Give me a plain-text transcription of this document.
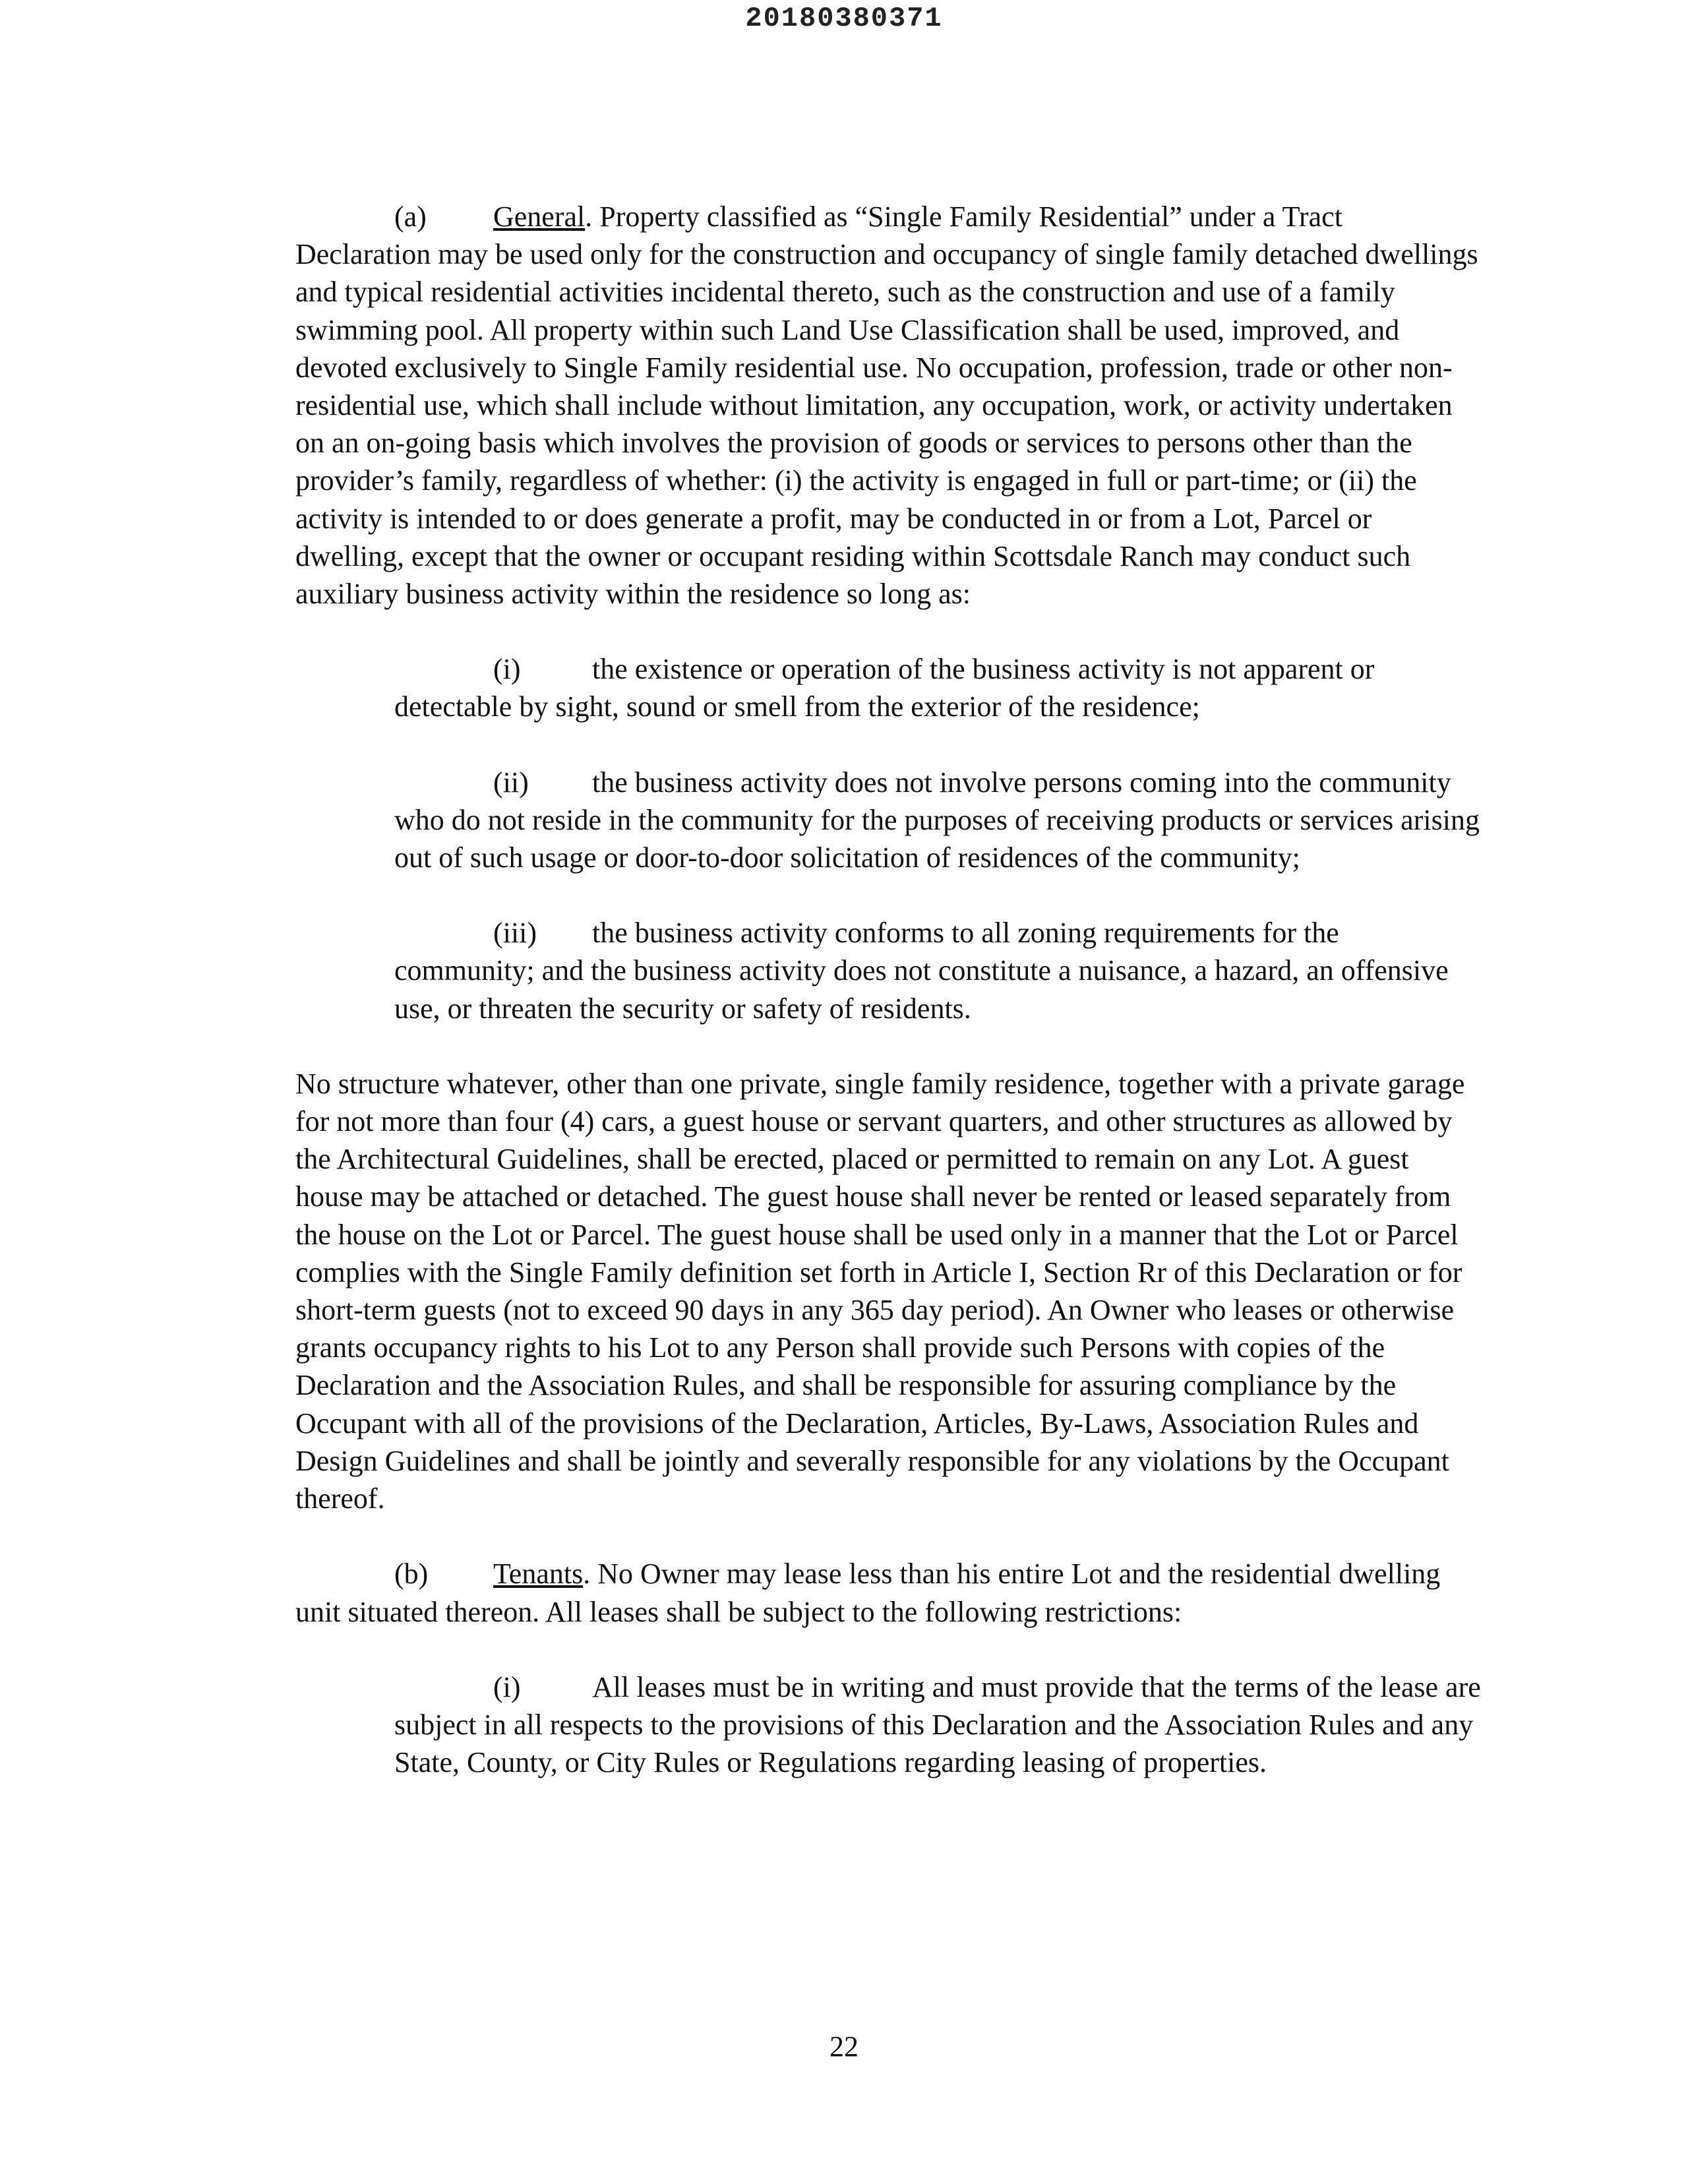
20180380371

(a) General. Property classified as “Single Family Residential” under a Tract Declaration may be used only for the construction and occupancy of single family detached dwellings and typical residential activities incidental thereto, such as the construction and use of a family swimming pool. All property within such Land Use Classification shall be used, improved, and devoted exclusively to Single Family residential use. No occupation, profession, trade or other non-residential use, which shall include without limitation, any occupation, work, or activity undertaken on an on-going basis which involves the provision of goods or services to persons other than the provider’s family, regardless of whether: (i) the activity is engaged in full or part-time; or (ii) the activity is intended to or does generate a profit, may be conducted in or from a Lot, Parcel or dwelling, except that the owner or occupant residing within Scottsdale Ranch may conduct such auxiliary business activity within the residence so long as:

(i) the existence or operation of the business activity is not apparent or detectable by sight, sound or smell from the exterior of the residence;

(ii) the business activity does not involve persons coming into the community who do not reside in the community for the purposes of receiving products or services arising out of such usage or door-to-door solicitation of residences of the community;

(iii) the business activity conforms to all zoning requirements for the community; and the business activity does not constitute a nuisance, a hazard, an offensive use, or threaten the security or safety of residents.

No structure whatever, other than one private, single family residence, together with a private garage for not more than four (4) cars, a guest house or servant quarters, and other structures as allowed by the Architectural Guidelines, shall be erected, placed or permitted to remain on any Lot. A guest house may be attached or detached. The guest house shall never be rented or leased separately from the house on the Lot or Parcel. The guest house shall be used only in a manner that the Lot or Parcel complies with the Single Family definition set forth in Article I, Section Rr of this Declaration or for short-term guests (not to exceed 90 days in any 365 day period). An Owner who leases or otherwise grants occupancy rights to his Lot to any Person shall provide such Persons with copies of the Declaration and the Association Rules, and shall be responsible for assuring compliance by the Occupant with all of the provisions of the Declaration, Articles, By-Laws, Association Rules and Design Guidelines and shall be jointly and severally responsible for any violations by the Occupant thereof.

(b) Tenants. No Owner may lease less than his entire Lot and the residential dwelling unit situated thereon. All leases shall be subject to the following restrictions:

(i) All leases must be in writing and must provide that the terms of the lease are subject in all respects to the provisions of this Declaration and the Association Rules and any State, County, or City Rules or Regulations regarding leasing of properties.

22
